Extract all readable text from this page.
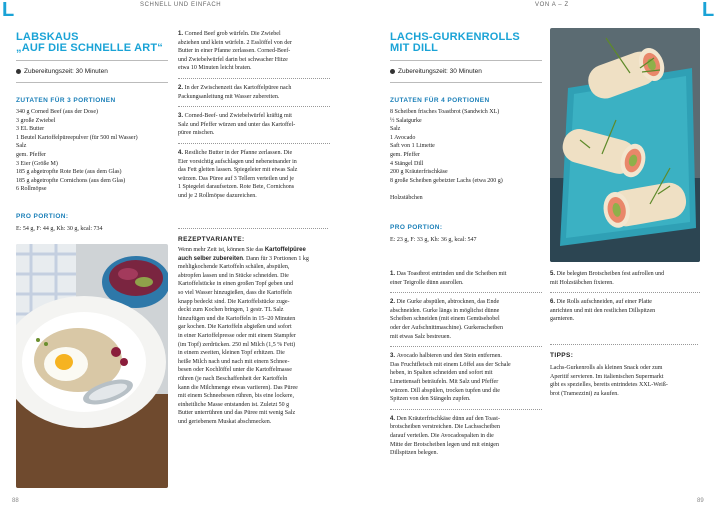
L	SCHNELL UND EINFACH	VON A – Z	L
88	89
LABSKAUS
„AUF DIE SCHNELLE ART“
Zubereitungszeit: 30 Minuten
ZUTATEN FÜR 3 PORTIONEN
340 g Corned Beef (aus der Dose)
3 große Zwiebel
3 EL Butter
1 Beutel Kartoffelpüreepulver (für 500 ml Wasser)
Salz
gem. Pfeffer
3 Eier (Größe M)
185 g abgetropfte Rote Bete (aus dem Glas)
185 g abgetropfte Cornichons (aus dem Glas)
6 Rollmöpse
PRO PORTION:
E: 54 g, F: 44 g, Kh: 30 g, kcal: 734
1. Corned Beef grob würfeln. Die Zwiebel
abziehen und klein würfeln. 2 Esslöffel von der
Butter in einer Pfanne zerlassen. Corned-Beef-
und Zwiebelwürfel darin bei schwacher Hitze
etwa 10 Minuten leicht braten.
2. In der Zwischenzeit das Kartoffelpüree nach
Packungsanleitung mit Wasser zubereiten.
3. Corned-Beef- und Zwiebelwürfel kräftig mit
Salz und Pfeffer würzen und unter das Kartoffel-
püree mischen.
4. Restliche Butter in der Pfanne zerlassen. Die
Eier vorsichtig aufschlagen und nebeneinander in
das Fett gleiten lassen. Spiegeleier mit etwas Salz
würzen. Das Püree auf 3 Tellern verteilen und je
1 Spiegelei daraufsetzen. Rote Bete, Cornichons
und je 2 Rollmöpse dazureichen.
REZEPTVARIANTE:
Wenn mehr Zeit ist, können Sie das Kartoffelpüree
auch selber zubereiten. Dann für 3 Portionen 1 kg
mehligkochende Kartoffeln schälen, abspülen,
abtropfen lassen und in Stücke schneiden. Die
Kartoffelstücke in einen großen Topf geben und
so viel Wasser hinzugießen, dass die Kartoffeln
knapp bedeckt sind. Die Kartoffelstücke zuge-
deckt zum Kochen bringen, 1 gestr. TL Salz
hinzufügen und die Kartoffeln in 15–20 Minuten
gar kochen. Die Kartoffeln abgießen und sofort
in einer Kartoffelpresse oder mit einem Stampfer
(im Topf) zerdrücken. 250 ml Milch (1,5 % Fett)
in einem zweiten, kleinen Topf erhitzen. Die
heiße Milch nach und nach mit einem Schnee-
besen oder Kochlöffel unter die Kartoffelmasse
rühren (je nach Beschaffenheit der Kartoffeln
kann die Milchmenge etwas variieren). Das Püree
mit einem Schneebesen rühren, bis eine lockere,
einheitliche Masse entstanden ist. Zuletzt 50 g
Butter unterrühren und das Püree mit wenig Salz
und geriebenem Muskat abschmecken.
LACHS-GURKENROLLS
MIT DILL
Zubereitungszeit: 30 Minuten
ZUTATEN FÜR 4 PORTIONEN
8 Scheiben frisches Toastbrot (Sandwich XL)
½ Salatgurke
Salz
1 Avocado
Saft von 1 Limette
gem. Pfeffer
4 Stängel Dill
200 g Kräuterfrischkäse
8 große Scheiben gebeizter Lachs (etwa 200 g)

Holzstäbchen
PRO PORTION:
E: 23 g, F: 33 g, Kh: 36 g, kcal: 547
1. Das Toastbrot entrinden und die Scheiben mit
einer Teigrolle dünn ausrollen.
2. Die Gurke abspülen, abtrocknen, das Ende
abschneiden. Gurke längs in möglichst dünne
Scheiben schneiden (mit einem Gemüsehobel
oder der Aufschnittmaschine). Gurkenscheiben
mit etwas Salz bestreuen.
3. Avocado halbieren und den Stein entfernen.
Das Fruchtfleisch mit einem Löffel aus der Schale
heben, in Spalten schneiden und sofort mit
Limettensaft beträufeln. Mit Salz und Pfeffer
würzen. Dill abspülen, trocken tupfen und die
Spitzen von den Stängeln zupfen.
4. Den Kräuterfrischkäse dünn auf den Toast-
brotscheiben verstreichen. Die Lachsscheiben
darauf verteilen. Die Avocadospalten in die
Mitte der Brotscheiben legen und mit einigen
Dillspitzen belegen.
5. Die belegten Brotscheiben fest aufrollen und
mit Holzstäbchen fixieren.
6. Die Rolls aufschneiden, auf einer Platte
anrichten und mit den restlichen Dillspitzen
garnieren.
TIPPS:
Lachs-Gurkenrolls als kleinen Snack oder zum
Aperitif servieren. Im italienischen Supermarkt
gibt es spezielles, bereits entrindetes XXL-Weiß-
brot (Tramezzini) zu kaufen.
